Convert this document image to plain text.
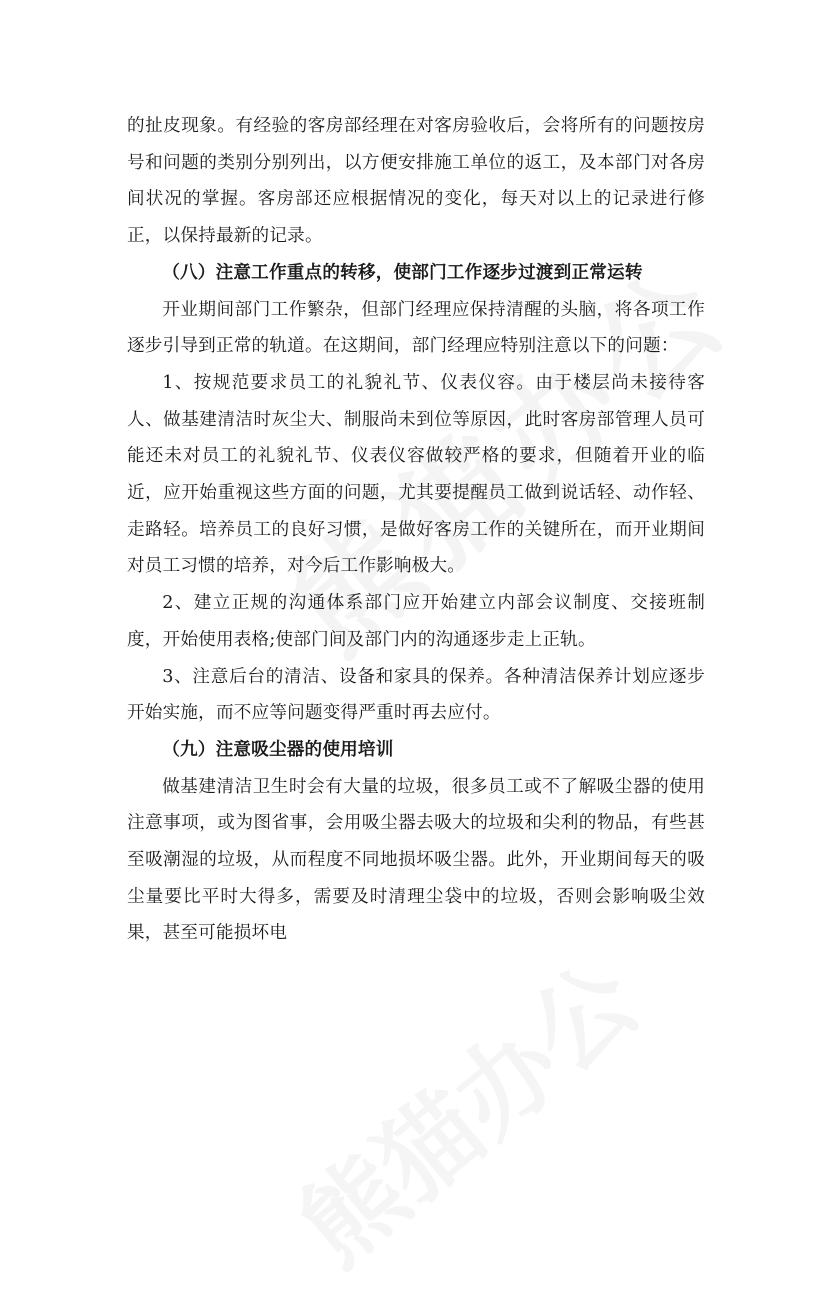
的扯皮现象。有经验的客房部经理在对客房验收后，会将所有的问题按房号和问题的类别分别列出，以方便安排施工单位的返工，及本部门对各房间状况的掌握。客房部还应根据情况的变化，每天对以上的记录进行修正，以保持最新的记录。

（八）注意工作重点的转移，使部门工作逐步过渡到正常运转

开业期间部门工作繁杂，但部门经理应保持清醒的头脑，将各项工作逐步引导到正常的轨道。在这期间，部门经理应特别注意以下的问题：

1、按规范要求员工的礼貌礼节、仪表仪容。由于楼层尚未接待客人、做基建清洁时灰尘大、制服尚未到位等原因，此时客房部管理人员可能还未对员工的礼貌礼节、仪表仪容做较严格的要求，但随着开业的临近，应开始重视这些方面的问题，尤其要提醒员工做到说话轻、动作轻、走路轻。培养员工的良好习惯，是做好客房工作的关键所在，而开业期间对员工习惯的培养，对今后工作影响极大。

2、建立正规的沟通体系部门应开始建立内部会议制度、交接班制度，开始使用表格;使部门间及部门内的沟通逐步走上正轨。

3、注意后台的清洁、设备和家具的保养。各种清洁保养计划应逐步开始实施，而不应等问题变得严重时再去应付。

（九）注意吸尘器的使用培训

做基建清洁卫生时会有大量的垃圾，很多员工或不了解吸尘器的使用注意事项，或为图省事，会用吸尘器去吸大的垃圾和尖利的物品，有些甚至吸潮湿的垃圾，从而程度不同地损坏吸尘器。此外，开业期间每天的吸尘量要比平时大得多，需要及时清理尘袋中的垃圾，否则会影响吸尘效果，甚至可能损坏电
